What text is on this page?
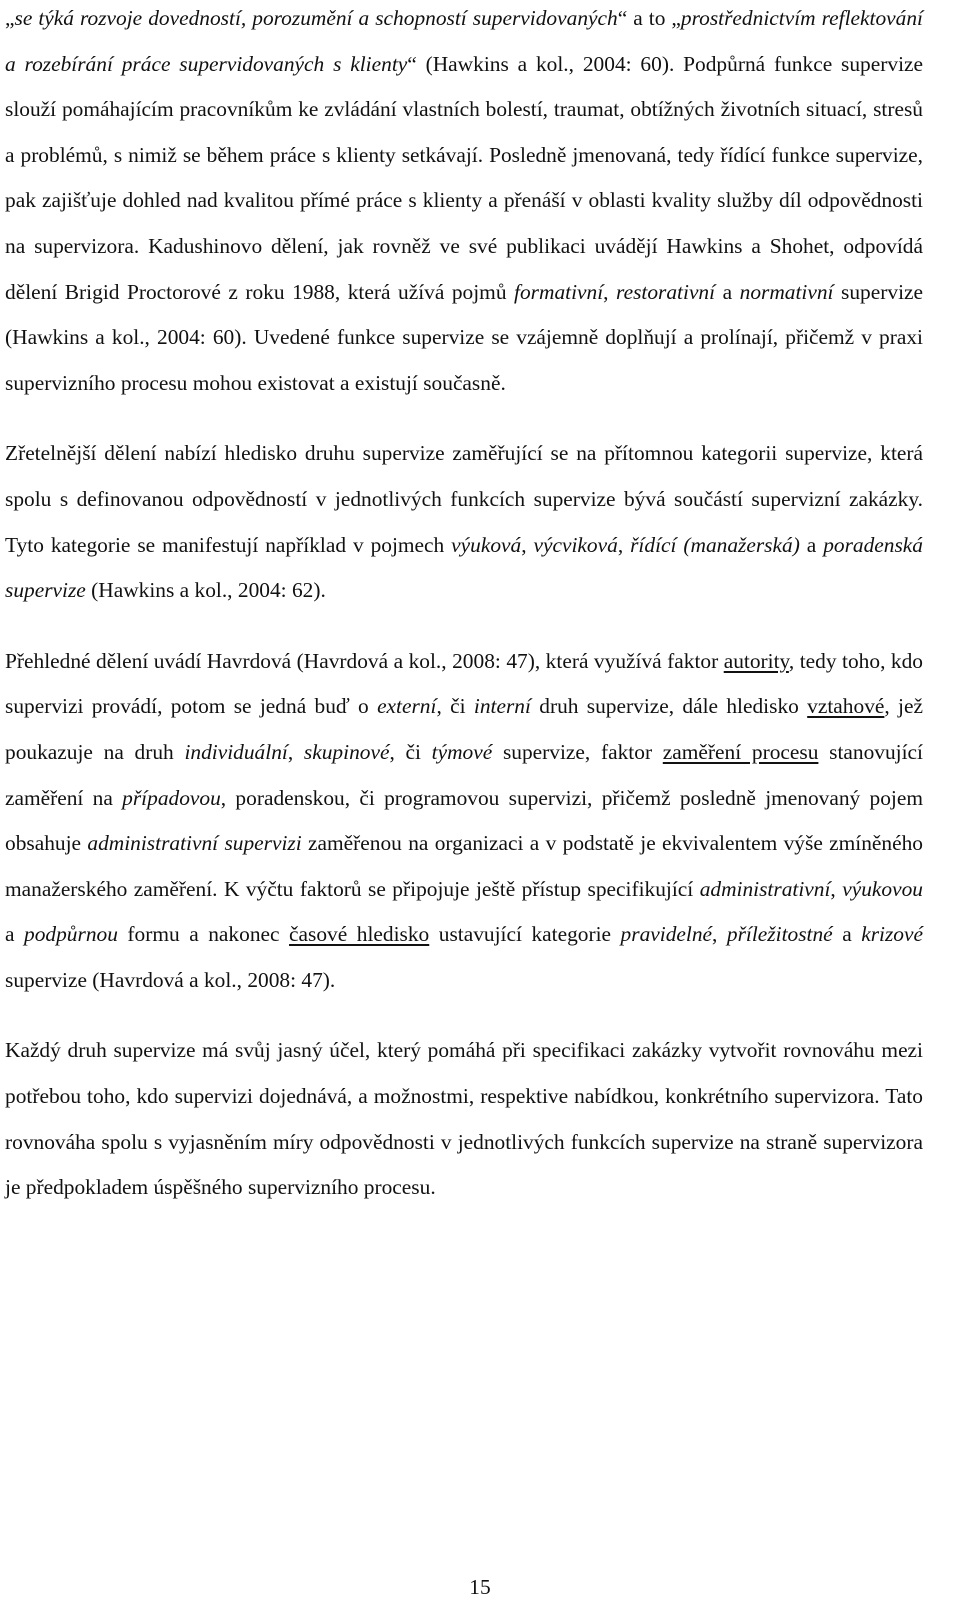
„se týká rozvoje dovedností, porozumění a schopností supervidovaných“ a to „prostřednictvím reflektování a rozebírání práce supervidovaných s klienty“ (Hawkins a kol., 2004: 60). Podpůrná funkce supervize slouží pomáhajícím pracovníkům ke zvládání vlastních bolestí, traumat, obtížných životních situací, stresů a problémů, s nimiž se během práce s klienty setkávají. Posledně jmenovaná, tedy řídící funkce supervize, pak zajišťuje dohled nad kvalitou přímé práce s klienty a přenáší v oblasti kvality služby díl odpovědnosti na supervizora. Kadushinovo dělení, jak rovněž ve své publikaci uvádějí Hawkins a Shohet, odpovídá dělení Brigid Proctorové z roku 1988, která užívá pojmů formativní, restorativní a normativní supervize (Hawkins a kol., 2004: 60). Uvedené funkce supervize se vzájemně doplňují a prolínají, přičemž v praxi supervizního procesu mohou existovat a existují současně.

Zřetelnější dělení nabízí hledisko druhu supervize zaměřující se na přítomnou kategorii supervize, která spolu s definovanou odpovědností v jednotlivých funkcích supervize bývá součástí supervizní zakázky. Tyto kategorie se manifestují například v pojmech výuková, výcviková, řídící (manažerská) a poradenská supervize (Hawkins a kol., 2004: 62).

Přehledné dělení uvádí Havrdová (Havrdová a kol., 2008: 47), která využívá faktor autority, tedy toho, kdo supervizi provádí, potom se jedná buď o externí, či interní druh supervize, dále hledisko vztahové, jež poukazuje na druh individuální, skupinové, či týmové supervize, faktor zaměření procesu stanovující zaměření na případovou, poradenskou, či programovou supervizi, přičemž posledně jmenovaný pojem obsahuje administrativní supervizi zaměřenou na organizaci a v podstatě je ekvivalentem výše zmíněného manažerského zaměření. K výčtu faktorů se připojuje ještě přístup specifikující administrativní, výukovou a podpůrnou formu a nakonec časové hledisko ustavující kategorie pravidelné, příležitostné a krizové supervize (Havrdová a kol., 2008: 47).

Každý druh supervize má svůj jasný účel, který pomáhá při specifikaci zakázky vytvořit rovnováhu mezi potřebou toho, kdo supervizi dojednává, a možnostmi, respektive nabídkou, konkrétního supervizora. Tato rovnováha spolu s vyjasněním míry odpovědnosti v jednotlivých funkcích supervize na straně supervizora je předpokladem úspěšného supervizního procesu.

15
